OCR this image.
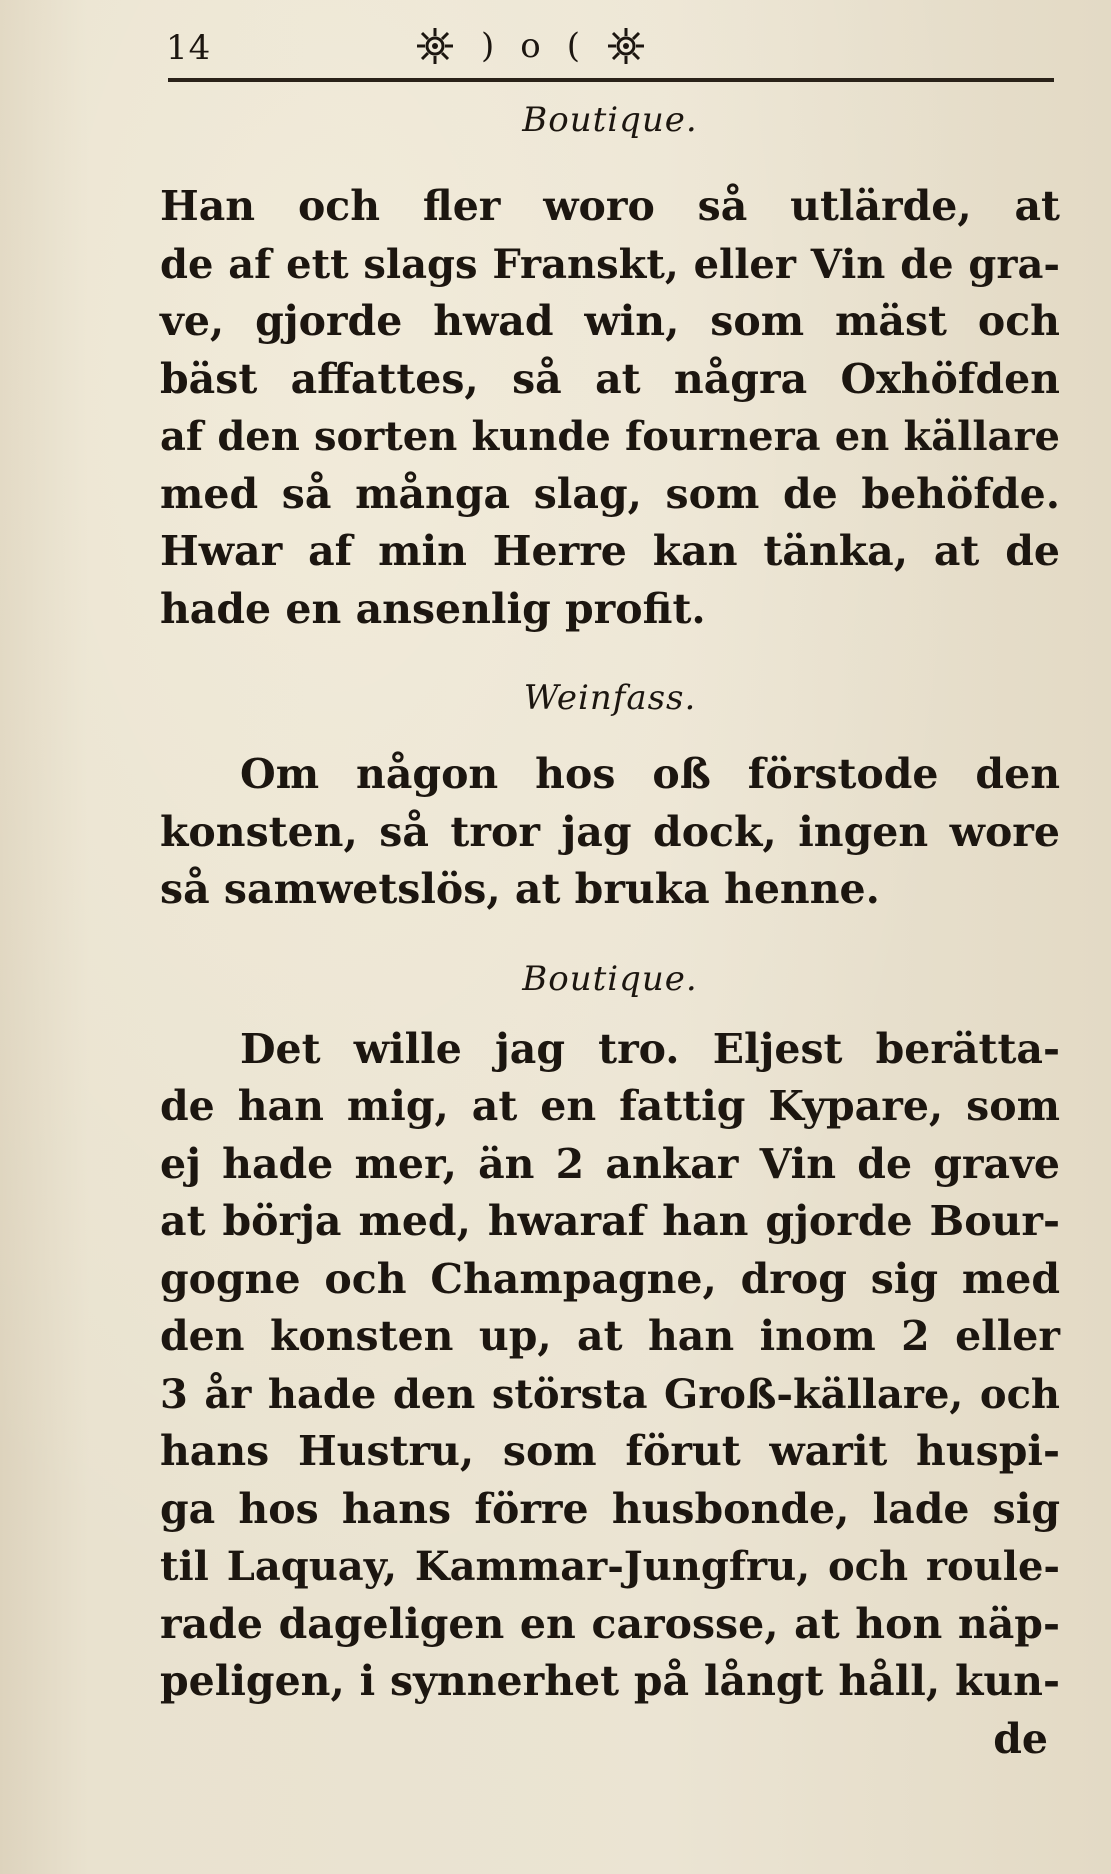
14	) o (

Boutique.

Han och fler woro så utlärde, at
de af ett slags Franskt, eller Vin de gra-
ve, gjorde hwad win, som mäst och
bäst affattes, så at några Oxhöfden
af den sorten kunde fournera en källare
med så många slag, som de behöfde.
Hwar af min Herre kan tänka, at de
hade en ansenlig profit.

Weinfass.

Om någon hos oß förstode den
konsten, så tror jag dock, ingen wore
så samwetslös, at bruka henne.

Boutique.

Det wille jag tro. Eljest berätta-
de han mig, at en fattig Kypare, som
ej hade mer, än 2 ankar Vin de grave
at börja med, hwaraf han gjorde Bour-
gogne och Champagne, drog sig med
den konsten up, at han inom 2 eller
3 år hade den största Groß-källare, och
hans Hustru, som förut warit huspi-
ga hos hans förre husbonde, lade sig
til Laquay, Kammar-Jungfru, och roule-
rade dageligen en carosse, at hon näp-
peligen, i synnerhet på långt håll, kun-
de
